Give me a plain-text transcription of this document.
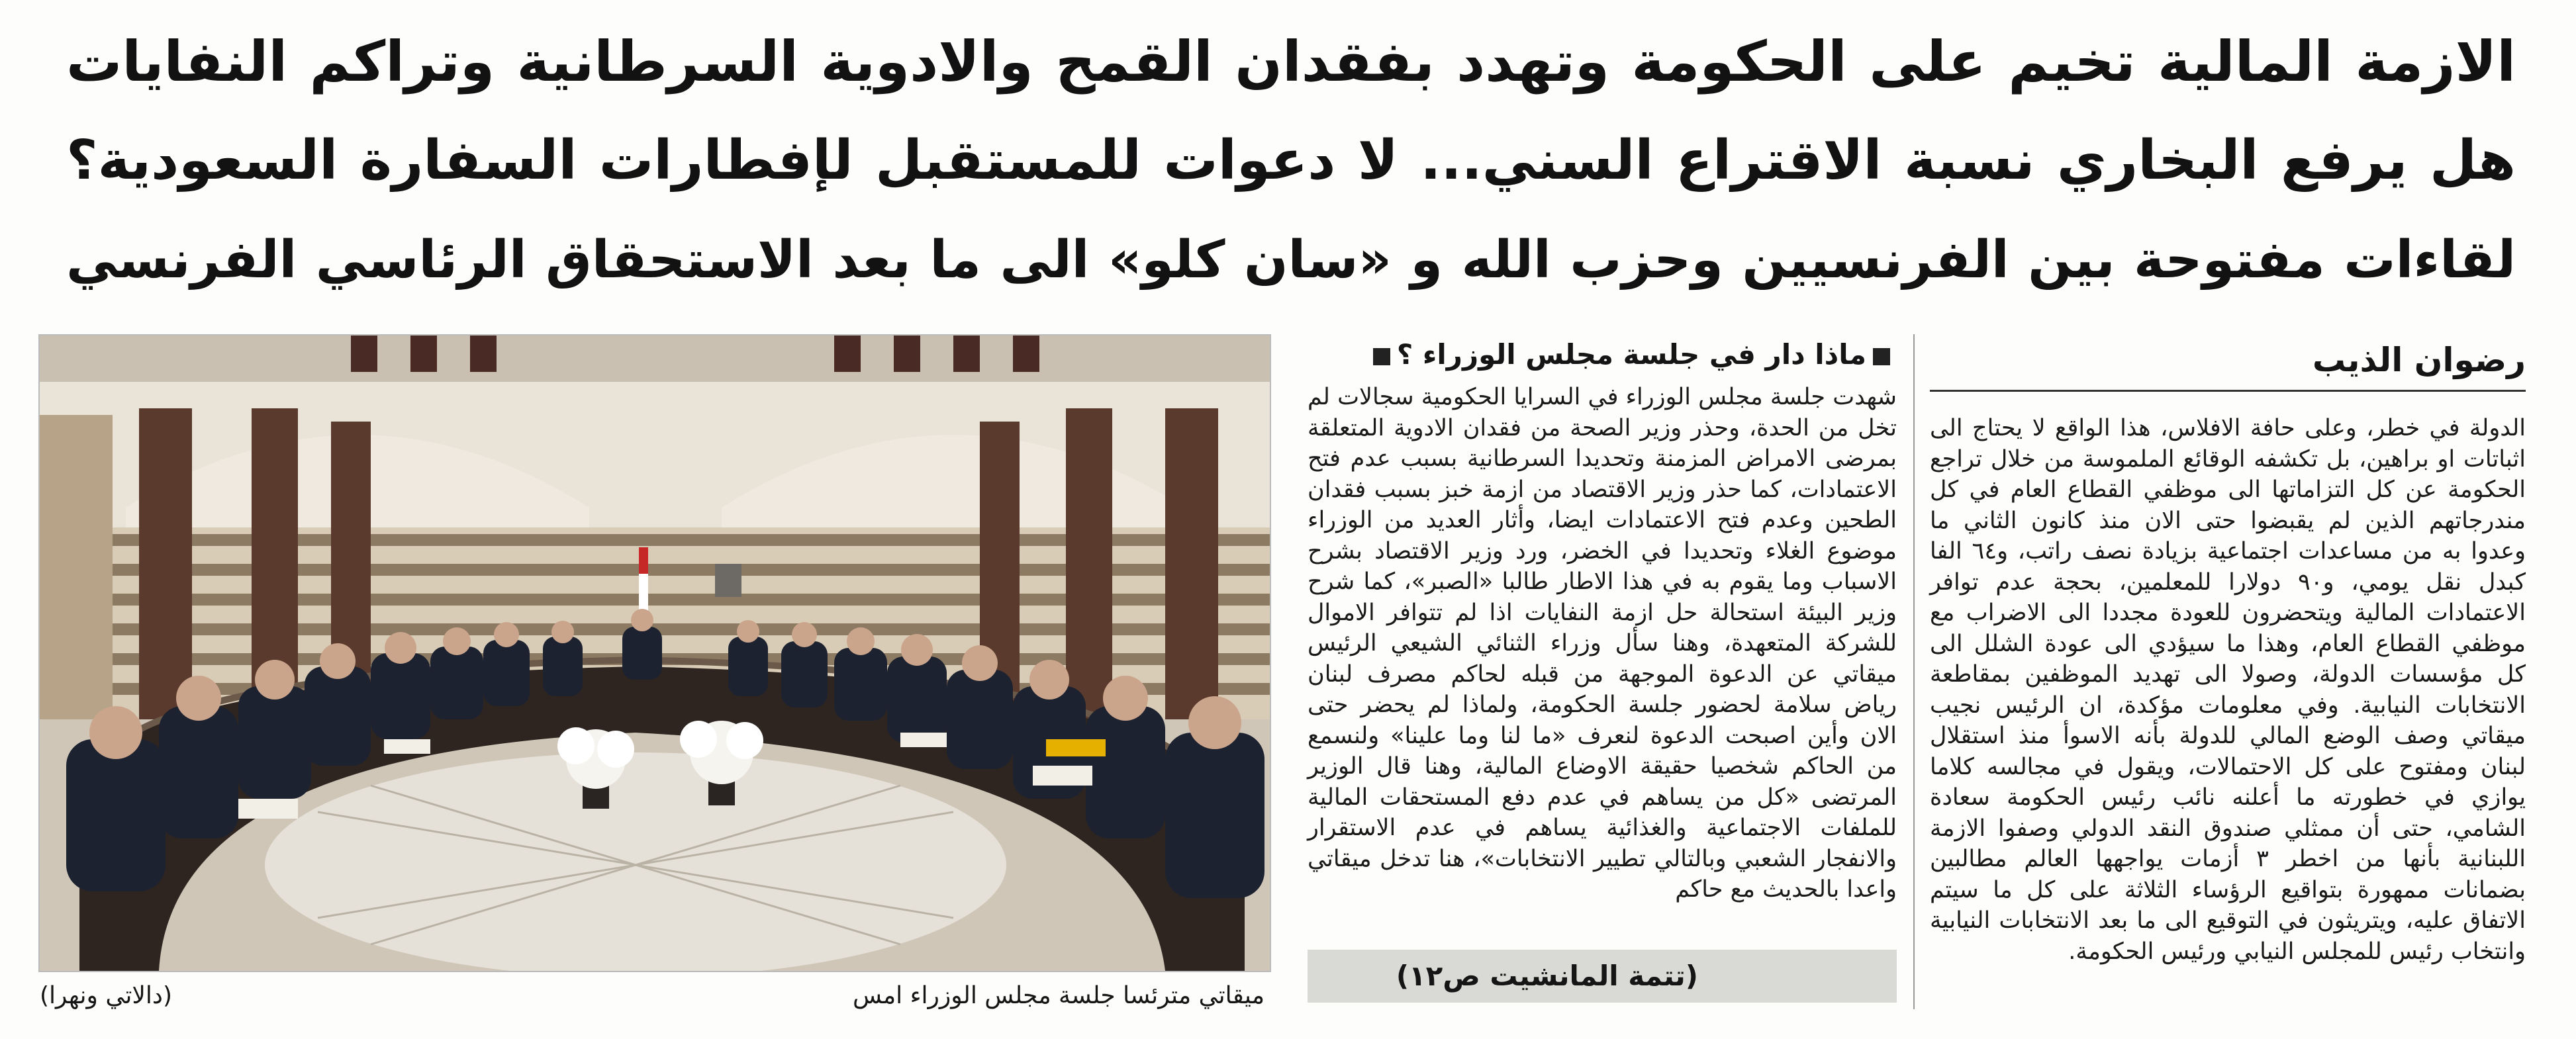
الازمة المالية تخيم على الحكومة وتهدد بفقدان القمح والادوية السرطانية وتراكم النفايات
هل يرفع البخاري نسبة الاقتراع السني... لا دعوات للمستقبل لإفطارات السفارة السعودية؟
لقاءات مفتوحة بين الفرنسيين وحزب الله و «سان كلو» الى ما بعد الاستحقاق الرئاسي الفرنسي
ميقاتي مترئسا جلسة مجلس الوزراء امس
(دالاتي ونهرا)
ماذا دار في جلسة مجلس الوزراء ؟
شهدت جلسة مجلس الوزراء في السرايا الحكومية سجالات لم تخل من الحدة، وحذر وزير الصحة من فقدان الادوية المتعلقة بمرضى الامراض المزمنة وتحديدا السرطانية بسبب عدم فتح الاعتمادات، كما حذر وزير الاقتصاد من ازمة خبز بسبب فقدان الطحين وعدم فتح الاعتمادات ايضا، وأثار العديد من الوزراء موضوع الغلاء وتحديدا في الخضر، ورد وزير الاقتصاد بشرح الاسباب وما يقوم به في هذا الاطار طالبا «الصبر»، كما شرح وزير البيئة استحالة حل ازمة النفايات اذا لم تتوافر الاموال للشركة المتعهدة، وهنا سأل وزراء الثنائي الشيعي الرئيس ميقاتي عن الدعوة الموجهة من قبله لحاكم مصرف لبنان رياض سلامة لحضور جلسة الحكومة، ولماذا لم يحضر حتى الان وأين اصبحت الدعوة لنعرف «ما لنا وما علينا» ولنسمع من الحاكم شخصيا حقيقة الاوضاع المالية، وهنا قال الوزير المرتضى «كل من يساهم في عدم دفع المستحقات المالية للملفات الاجتماعية والغذائية يساهم في عدم الاستقرار والانفجار الشعبي وبالتالي تطيير الانتخابات»، هنا تدخل ميقاتي واعدا بالحديث مع حاكم
(تتمة المانشيت ص١٢)
رضوان الذيب
الدولة في خطر، وعلى حافة الافلاس، هذا الواقع لا يحتاج الى اثباتات او براهين، بل تكشفه الوقائع الملموسة من خلال تراجع الحكومة عن كل التزاماتها الى موظفي القطاع العام في كل مندرجاتهم الذين لم يقبضوا حتى الان منذ كانون الثاني ما وعدوا به من مساعدات اجتماعية بزيادة نصف راتب، و٦٤ الفا كبدل نقل يومي، و٩٠ دولارا للمعلمين، بحجة عدم توافر الاعتمادات المالية ويتحضرون للعودة مجددا الى الاضراب مع موظفي القطاع العام، وهذا ما سيؤدي الى عودة الشلل الى كل مؤسسات الدولة، وصولا الى تهديد الموظفين بمقاطعة الانتخابات النيابية. وفي معلومات مؤكدة، ان الرئيس نجيب ميقاتي وصف الوضع المالي للدولة بأنه الاسوأ منذ استقلال لبنان ومفتوح على كل الاحتمالات، ويقول في مجالسه كلاما يوازي في خطورته ما أعلنه نائب رئيس الحكومة سعادة الشامي، حتى أن ممثلي صندوق النقد الدولي وصفوا الازمة اللبنانية بأنها من اخطر ٣ أزمات يواجهها العالم مطالبين بضمانات ممهورة بتواقيع الرؤساء الثلاثة على كل ما سيتم الاتفاق عليه، ويتريثون في التوقيع الى ما بعد الانتخابات النيابية وانتخاب رئيس للمجلس النيابي ورئيس الحكومة.
